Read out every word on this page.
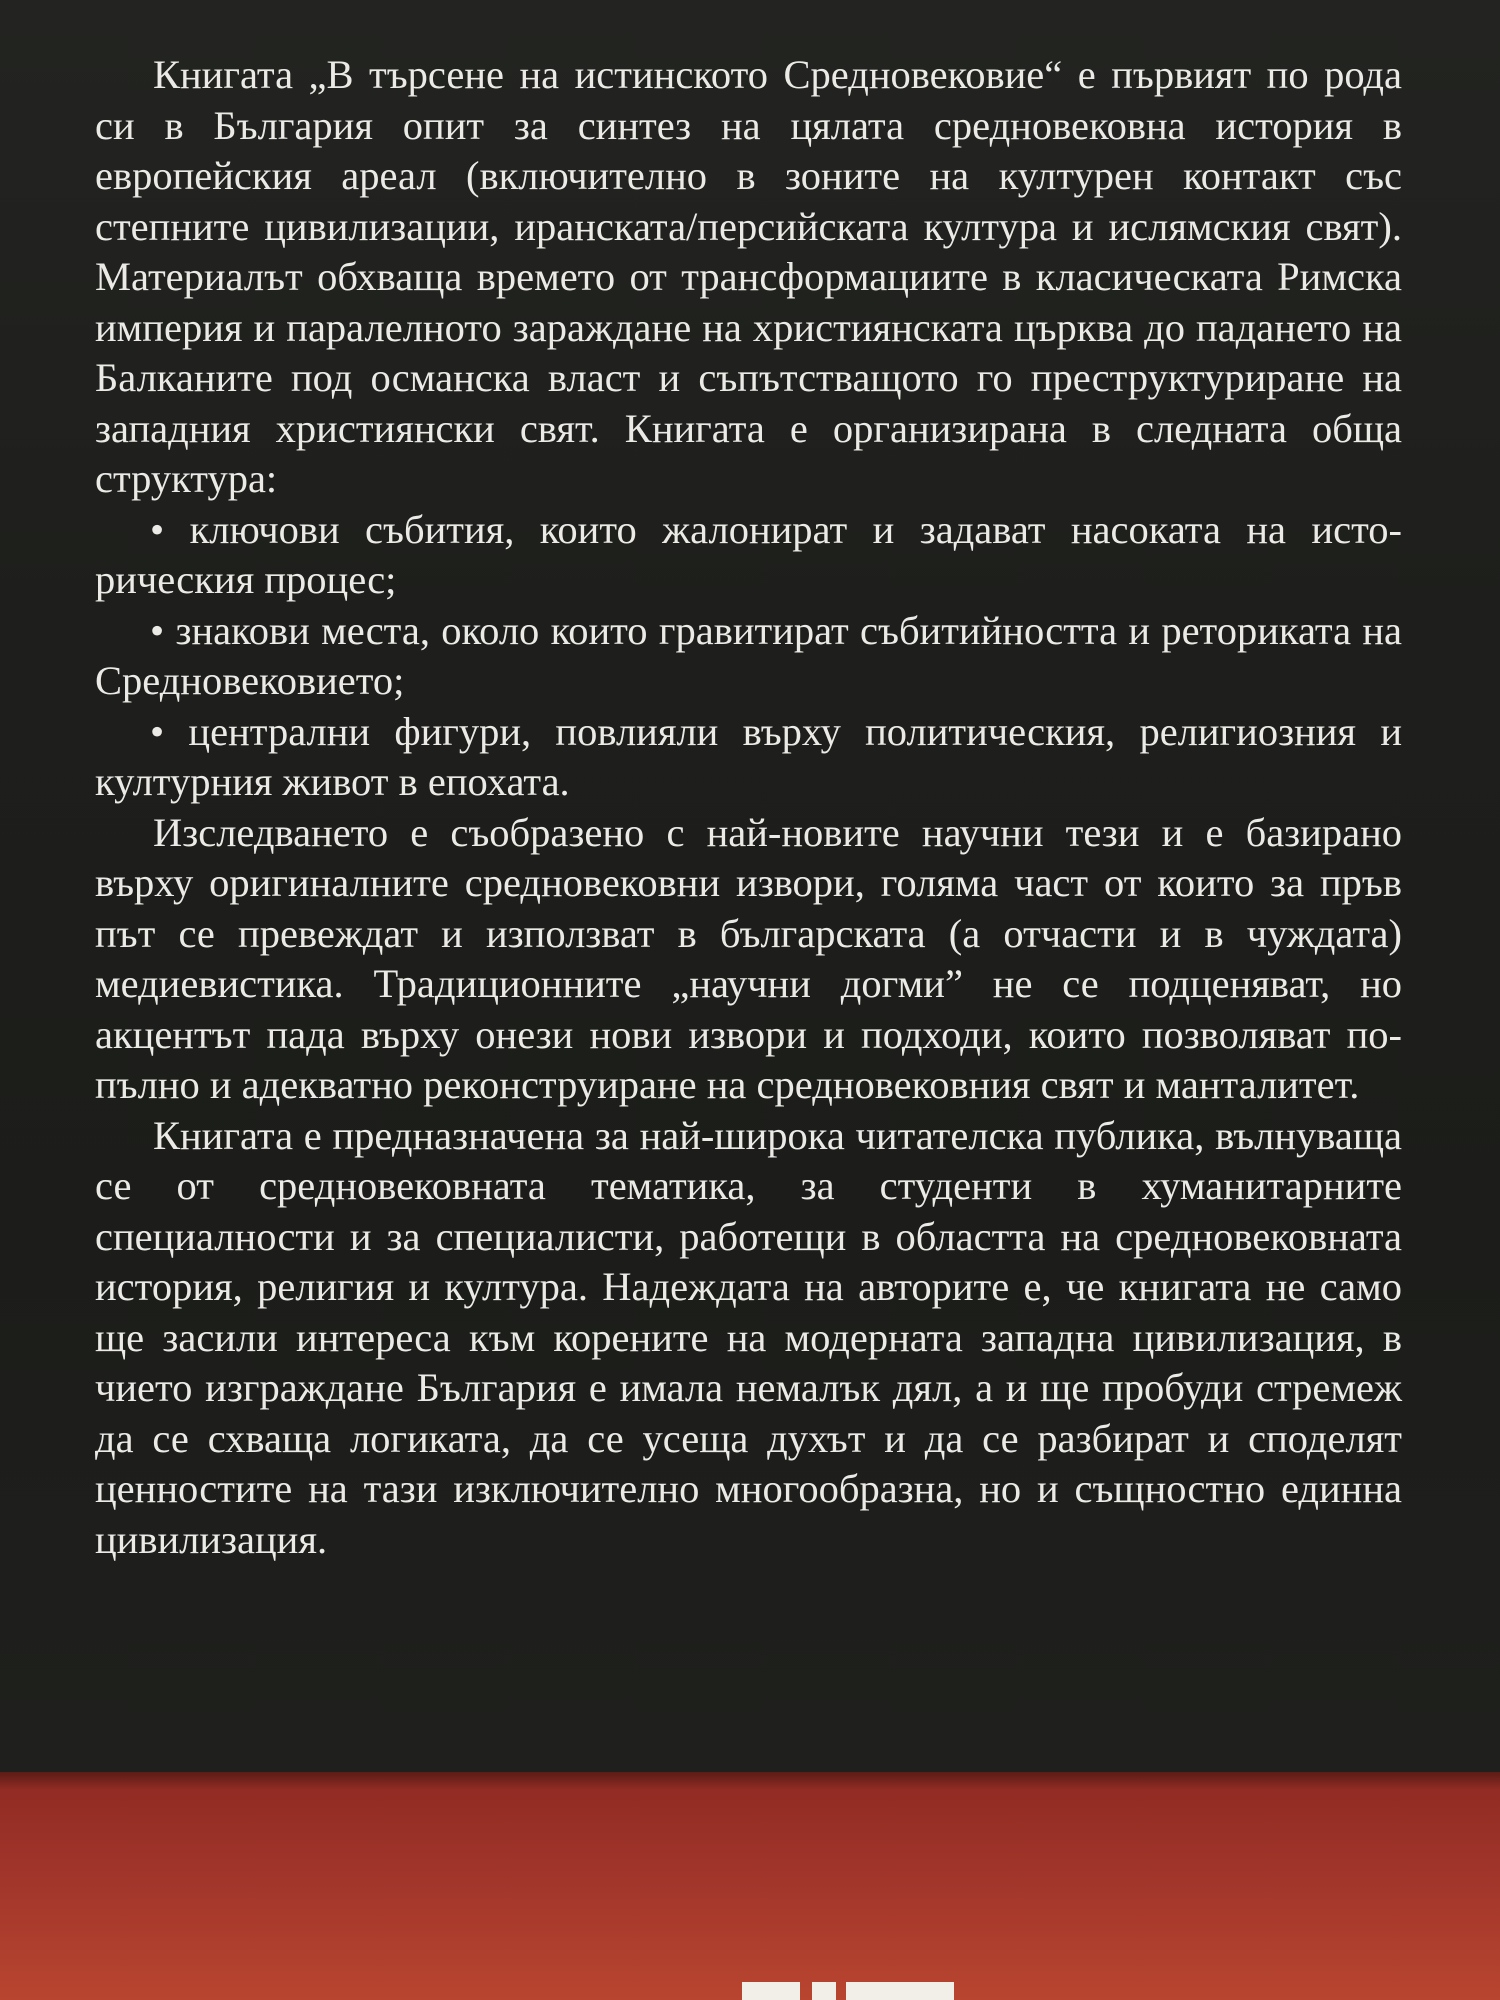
Книгата „В търсене на истинското Средновековие“ е първият по рода си в България опит за синтез на цялата средновековна история в европейския ареал (включително в зоните на културен контакт със степните цивилизации, иранската/персийската култура и ислямския свят). Материалът обхваща времето от трансформациите в класическата Римска империя и паралелното зараждане на християнската църква до падането на Балканите под османска власт и съпътстващото го преструктуриране на западния християнски свят. Книгата е организирана в следната обща структура:

• ключови събития, които жалонират и задават насоката на историческия процес;

• знакови места, около които гравитират събитийността и реториката на Средновековието;

• централни фигури, повлияли върху политическия, религиозния и културния живот в епохата.

Изследването е съобразено с най-новите научни тези и е базирано върху оригиналните средновековни извори, голяма част от които за пръв път се превеждат и използват в българската (а отчасти и в чуждата) медиевистика. Традиционните „научни догми” не се подценяват, но акцентът пада върху онези нови извори и подходи, които позволяват по-пълно и адекватно реконструиране на средновековния свят и манталитет.

Книгата е предназначена за най-широка читателска публика, вълнуваща се от средновековната тематика, за студенти в хуманитарните специалности и за специалисти, работещи в областта на средновековната история, религия и култура. Надеждата на авторите е, че книгата не само ще засили интереса към корените на модерната западна цивилизация, в чието изграждане България е имала немалък дял, а и ще пробуди стремеж да се схваща логиката, да се усеща духът и да се разбират и споделят ценностите на тази изключително многообразна, но и същностно единна цивилизация.
